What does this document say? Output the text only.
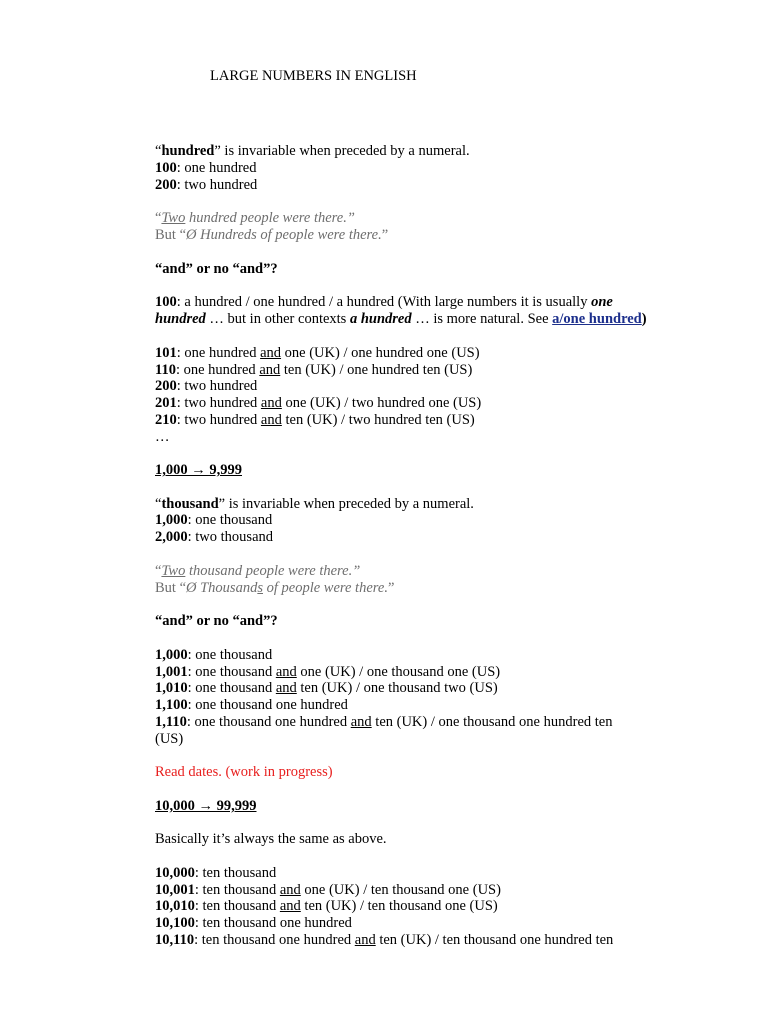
LARGE NUMBERS IN ENGLISH
“hundred” is invariable when preceded by a numeral.
100: one hundred
200: two hundred
“Two hundred people were there.”
But “Ø Hundreds of people were there.”
“and” or no “and”?
100: a hundred / one hundred / a hundred (With large numbers it is usually one hundred … but in other contexts a hundred … is more natural. See a/one hundred)
101: one hundred and one (UK) / one hundred one (US)
110: one hundred and ten (UK) / one hundred ten (US)
200: two hundred
201: two hundred and one (UK) / two hundred one (US)
210: two hundred and ten (UK) / two hundred ten (US)
…
1,000 → 9,999
“thousand” is invariable when preceded by a numeral.
1,000: one thousand
2,000: two thousand
“Two thousand people were there.”
But “Ø Thousands of people were there.”
“and” or no “and”?
1,000: one thousand
1,001: one thousand and one (UK) / one thousand one (US)
1,010: one thousand and ten (UK) / one thousand two (US)
1,100: one thousand one hundred
1,110: one thousand one hundred and ten (UK) / one thousand one hundred ten
(US)
Read dates. (work in progress)
10,000 → 99,999
Basically it’s always the same as above.
10,000: ten thousand
10,001: ten thousand and one (UK) / ten thousand one (US)
10,010: ten thousand and ten (UK) / ten thousand one (US)
10,100: ten thousand one hundred
10,110: ten thousand one hundred and ten (UK) / ten thousand one hundred ten
